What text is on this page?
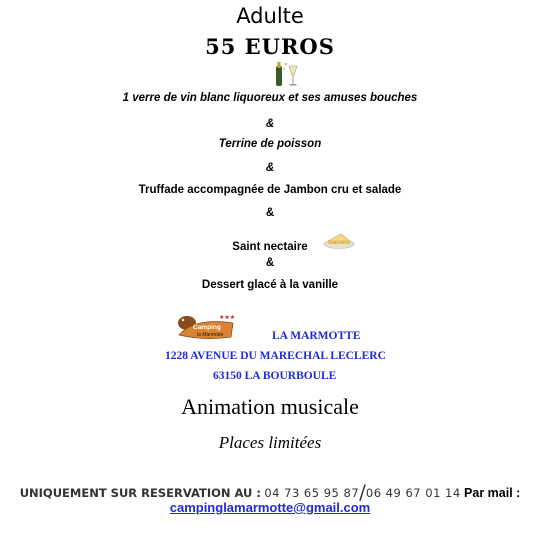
Adulte
55 EUROS
1 verre de vin blanc liquoreux et ses amuses bouches
&
Terrine de poisson
&
Truffade accompagnée de Jambon cru et salade
&
Saint nectaire
&
Dessert glacé à la vanille
Camping
la Marmotte
★★★
LA MARMOTTE
1228 AVENUE DU MARECHAL LECLERC
63150 LA BOURBOULE
Animation musicale
Places limitées
UNIQUEMENT SUR RESERVATION AU : 04 73 65 95 87/06 49 67 01 14 Par mail :
campinglamarmotte@gmail.com
